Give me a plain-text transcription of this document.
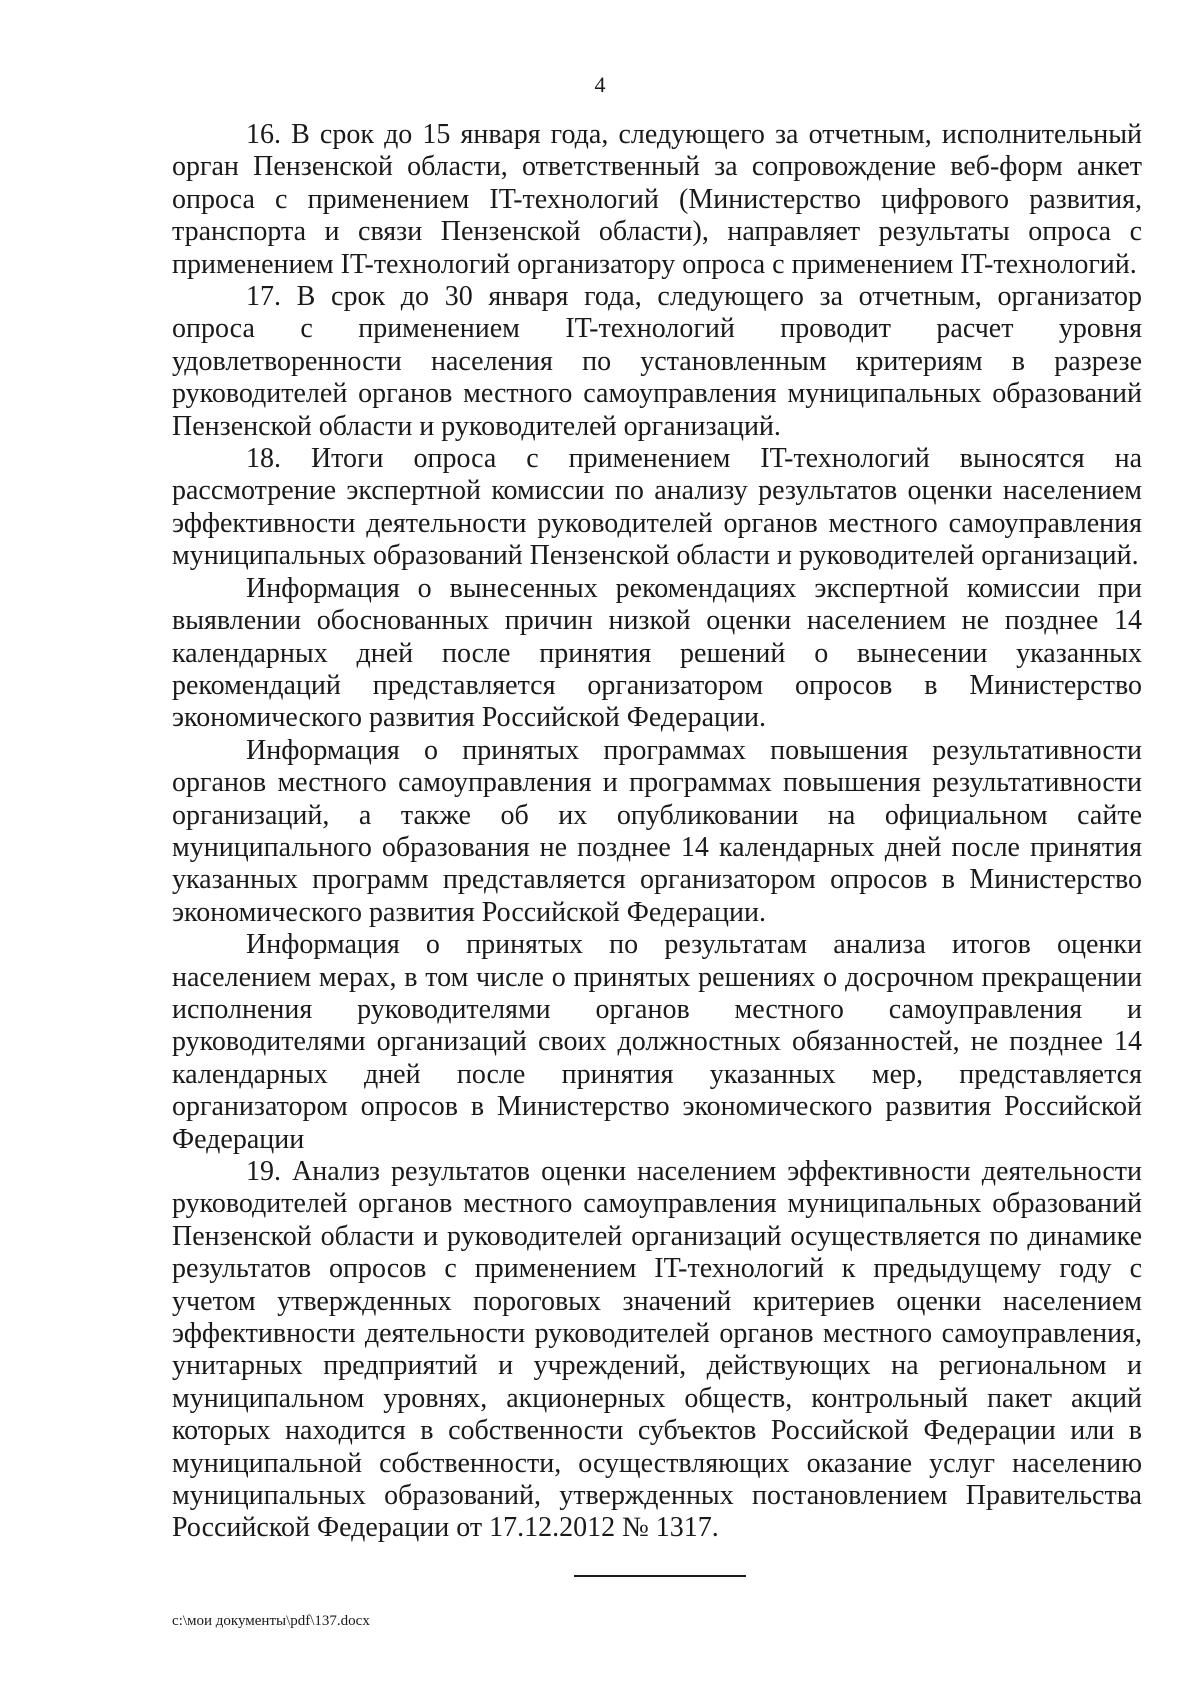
4

16. В срок до 15 января года, следующего за отчетным, исполнительный орган Пензенской области, ответственный за сопровождение веб-форм анкет опроса с применением IT-технологий (Министерство цифрового развития, транспорта и связи Пензенской области), направляет результаты опроса с применением IT-технологий организатору опроса с применением IT-технологий.

17. В срок до 30 января года, следующего за отчетным, организатор опроса с применением IT-технологий проводит расчет уровня удовлетворенности населения по установленным критериям в разрезе руководителей органов местного самоуправления муниципальных образований Пензенской области и руководителей организаций.

18. Итоги опроса с применением IT-технологий выносятся на рассмотрение экспертной комиссии по анализу результатов оценки населением эффективности деятельности руководителей органов местного самоуправления муниципальных образований Пензенской области и руководителей организаций.

Информация о вынесенных рекомендациях экспертной комиссии при выявлении обоснованных причин низкой оценки населением не позднее 14 календарных дней после принятия решений о вынесении указанных рекомендаций представляется организатором опросов в Министерство экономического развития Российской Федерации.

Информация о принятых программах повышения результативности органов местного самоуправления и программах повышения результативности организаций, а также об их опубликовании на официальном сайте муниципального образования не позднее 14 календарных дней после принятия указанных программ представляется организатором опросов в Министерство экономического развития Российской Федерации.

Информация о принятых по результатам анализа итогов оценки населением мерах, в том числе о принятых решениях о досрочном прекращении исполнения руководителями органов местного самоуправления и руководителями организаций своих должностных обязанностей, не позднее 14 календарных дней после принятия указанных мер, представляется организатором опросов в Министерство экономического развития Российской Федерации

19. Анализ результатов оценки населением эффективности деятельности руководителей органов местного самоуправления муниципальных образований Пензенской области и руководителей организаций осуществляется по динамике результатов опросов с применением IT-технологий к предыдущему году с учетом утвержденных пороговых значений критериев оценки населением эффективности деятельности руководителей органов местного самоуправления, унитарных предприятий и учреждений, действующих на региональном и муниципальном уровнях, акционерных обществ, контрольный пакет акций которых находится в собственности субъектов Российской Федерации или в муниципальной собственности, осуществляющих оказание услуг населению муниципальных образований, утвержденных постановлением Правительства Российской Федерации от 17.12.2012 № 1317.

c:\мои документы\pdf\137.docx
